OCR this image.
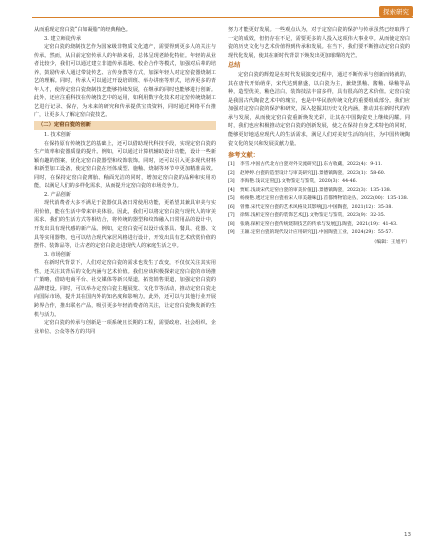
探索研究

从而重现定窑白瓷“白如凝脂”的经典釉色。

3. 建立师徒传承

定窑白瓷的烧制技艺作为国家级非物质文化遗产，需要得到更多人的关注与传承。然而，从目前定窑传承人的年龄来看，总体呈现老龄化特征。年轻的从业者比较少，我们可以通过建立非遗传承基地、校企合作等模式，加强对后辈的培养，鼓励传承人通过带徒传艺、言传身教等方式，加深年轻人对定窑瓷器烧制工艺的理解。同时，传承人可以通过开设培训班、举办讲座等形式，培养更多的青年人才，使得定窑白瓷烧制技艺能够持续发展，在继承的同时也能够进行创新。此外，还应注重科技在传统技艺中的运用，如利用数字化技术对定窑传统烧制工艺进行记录、保存，为未来的研究和传承提供宝贵资料，同时通过网络平台推广，让更多人了解定窑白瓷技艺。

（二）定窑白瓷的创新

1. 技术创新

在保持原有传统技艺的基础上，还可以借助现代科技手段，实现定窑白瓷的生产效率和瓷器质量的提升。例如，可以通过计算机辅助设计功能，设计一些新颖有趣的图案，优化定窑白瓷器型和纹饰装饰。同时，还可以引入更多现代材料和新型加工设备，使定窑白瓷在坯体成型、施釉、烧制等环节中更加精准高效。同时，在保持定窑白瓷薄胎、釉面光洁的同时，增加定窑白瓷的品种和实用功能，以满足人们的多样化需求，从而提升定窑白瓷的市场竞争力。

2. 产品创新

现代消费者大多不满足于瓷器仅具备日常使用功能，更希望其兼具审美与实用价值，能在生活中带来审美体验。因此，我们可以将定窑白瓷与现代人的审美需求、我们的生活方式等相结合，将传统的器型和纹饰融入日常用品的设计中，开发出具有现代感的新产品。例如，定窑白瓷可以设计成茶具、餐具、花器、文具等实用器物，也可以结合现代家居风格进行设计，开发出具有艺术欣赏价值的摆件、装饰品等，让古老的定窑白瓷走进现代人的家庭生活之中。

3. 市场创新

在新时代背景下，人们对定窑白瓷的需求也发生了改变，不仅仅关注其实用性，还关注其背后的文化内涵与艺术价值。我们应该积极探索定窑白瓷的市场推广策略，借助电商平台、社交媒体等新兴渠道，拓宽销售渠道，加强定窑白瓷的品牌建设。同时，可以举办定窑白瓷主题展览、文化节等活动，推动定窑白瓷走向国际市场，提升其在国内外的知名度和影响力。此外，还可以与其他行业开展跨界合作，推出联名产品，吸引更多年轻消费者的关注，让定窑白瓷焕发新的生机与活力。

定窑白瓷的传承与创新是一项系统且长期的工程，需要政府、社会组织、企业单位、公众等各方的共同

努力才能更好发展。一些观点认为，对于定窑白瓷的保护与传承虽然已经取得了一定的成效，但仍存在不足，需要更多的人投入这项伟大事业中。从而使定窑白瓷的历史文化与艺术价值得到传承和发展。在当下，我们要不断推动定窑白瓷的现代化发展，使其在新时代背景下焕发出更加璀璨的光芒。

总结

定窑白瓷的辉煌是在时代发展演变过程中，通过不断传承与创新而铸就的，其在唐代开始萌芽，宋代达到鼎盛，以白瓷为主，兼烧黑釉、酱釉、绿釉等品种，造型优美，釉色洁白，装饰技法丰富多样，具有很高的艺术价值。定窑白瓷是我国古代陶瓷艺术中的瑰宝，也是中华民族传统文化的重要组成部分。我们应加强对定窑白瓷的保护和研究，深入挖掘其历史文化内涵，推动其在新时代的传承与发展，从而使定窑白瓷重新焕发光彩，让其在中国陶瓷史上继续闪耀。同时，我们也应积极推动定窑白瓷的创新发展，使之在保持自身艺术特色的同时，能够更好地适应现代人的生活需求，满足人们对美好生活的向往，为中国传统陶瓷文化的复兴和发展贡献力量。

参考文献：
[1]	李雪.中国古代北方白瓷对外交流研究[J].东方收藏，2022(4)：9-11.
[2]	赵婷婷.白瓷的造型设计与审美研究[J].景德镇陶瓷，2023(1)：58-60.
[3]	李海艳.浅议定窑[J].文物鉴定与鉴赏，2020(3)：44-46.
[4]	贾虹.浅谈宋代定窑白瓷的审美价值[J].景德镇陶瓷，2022(3)：135-138.
[5]	杨俊艳.透过定窑白瓷看宋人审美趣味[J].首都博物馆论丛，2022(00)：135-138.
[6]	曾雅.宋代定窑白瓷的艺术风格及其影响[J].中国陶瓷，2021(12)：35-38.
[7]	徐辉.浅析定窑白瓷的装饰艺术[J].文物鉴定与鉴赏，2023(9)：32-35.
[8]	张晓.探析定窑白瓷传统烧制技艺的传承与发展[J].陶瓷，2021(19)：41-43.
[9]	王颖.定窑白瓷的现代设计应用研究[J].中国陶瓷工业，2024(29)：55-57.
（编辑：王旭平）
13
